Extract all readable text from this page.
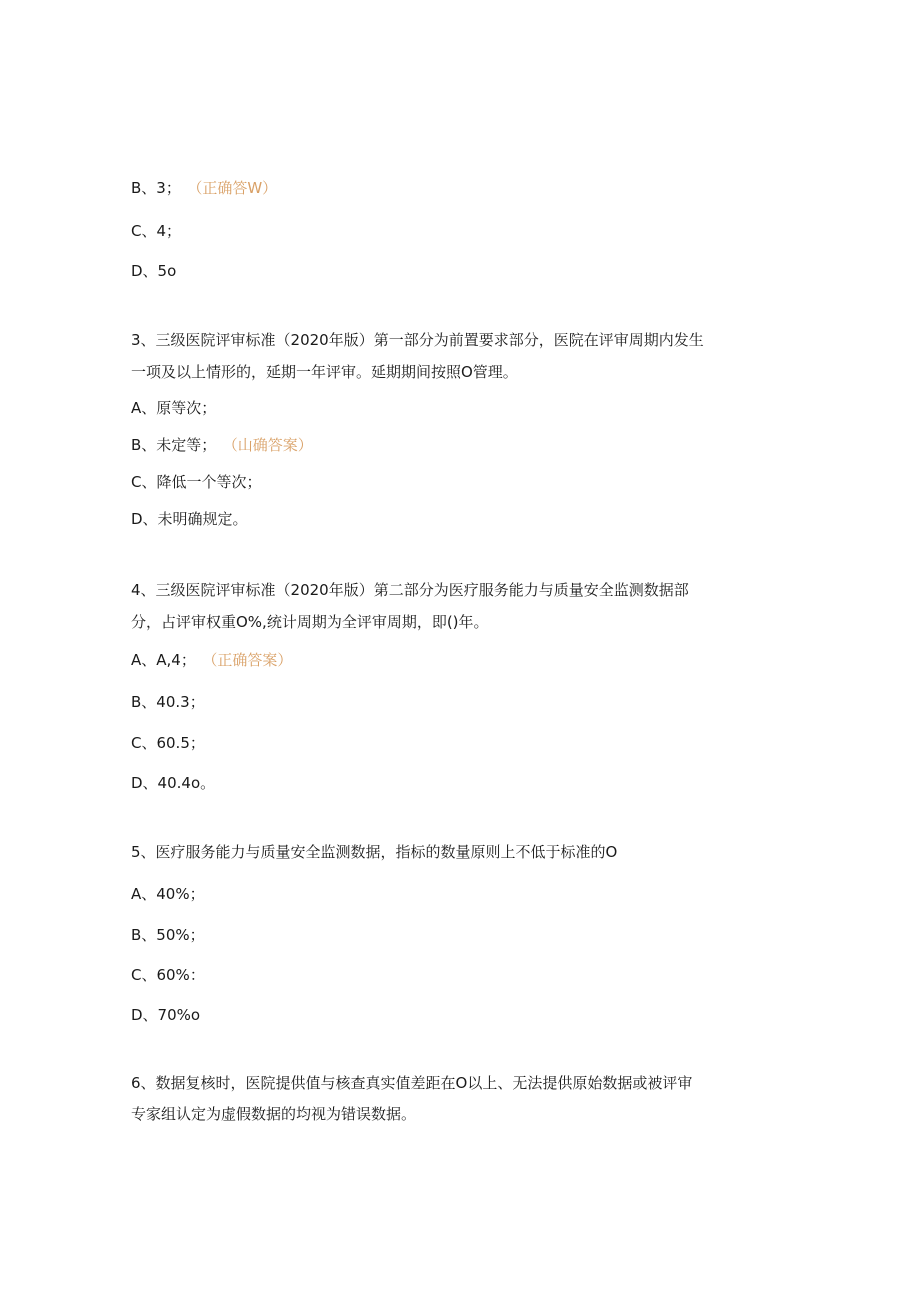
B、3； （正确答W）
C、4；
D、5o
3、三级医院评审标准（2020年版）第一部分为前置要求部分，医院在评审周期内发生
一项及以上情形的，延期一年评审。延期期间按照O管理。
A、原等次；
B、未定等； （山确答案）
C、降低一个等次；
D、未明确规定。
4、三级医院评审标准（2020年版）第二部分为医疗服务能力与质量安全监测数据部
分，占评审权重O%,统计周期为全评审周期，即()年。
A、A,4； （正确答案）
B、40.3；
C、60.5；
D、40.4o。
5、医疗服务能力与质量安全监测数据，指标的数量原则上不低于标准的O
A、40%；
B、50%；
C、60%：
D、70%o
6、数据复核时，医院提供值与核查真实值差距在O以上、无法提供原始数据或被评审
专家组认定为虚假数据的均视为错误数据。
